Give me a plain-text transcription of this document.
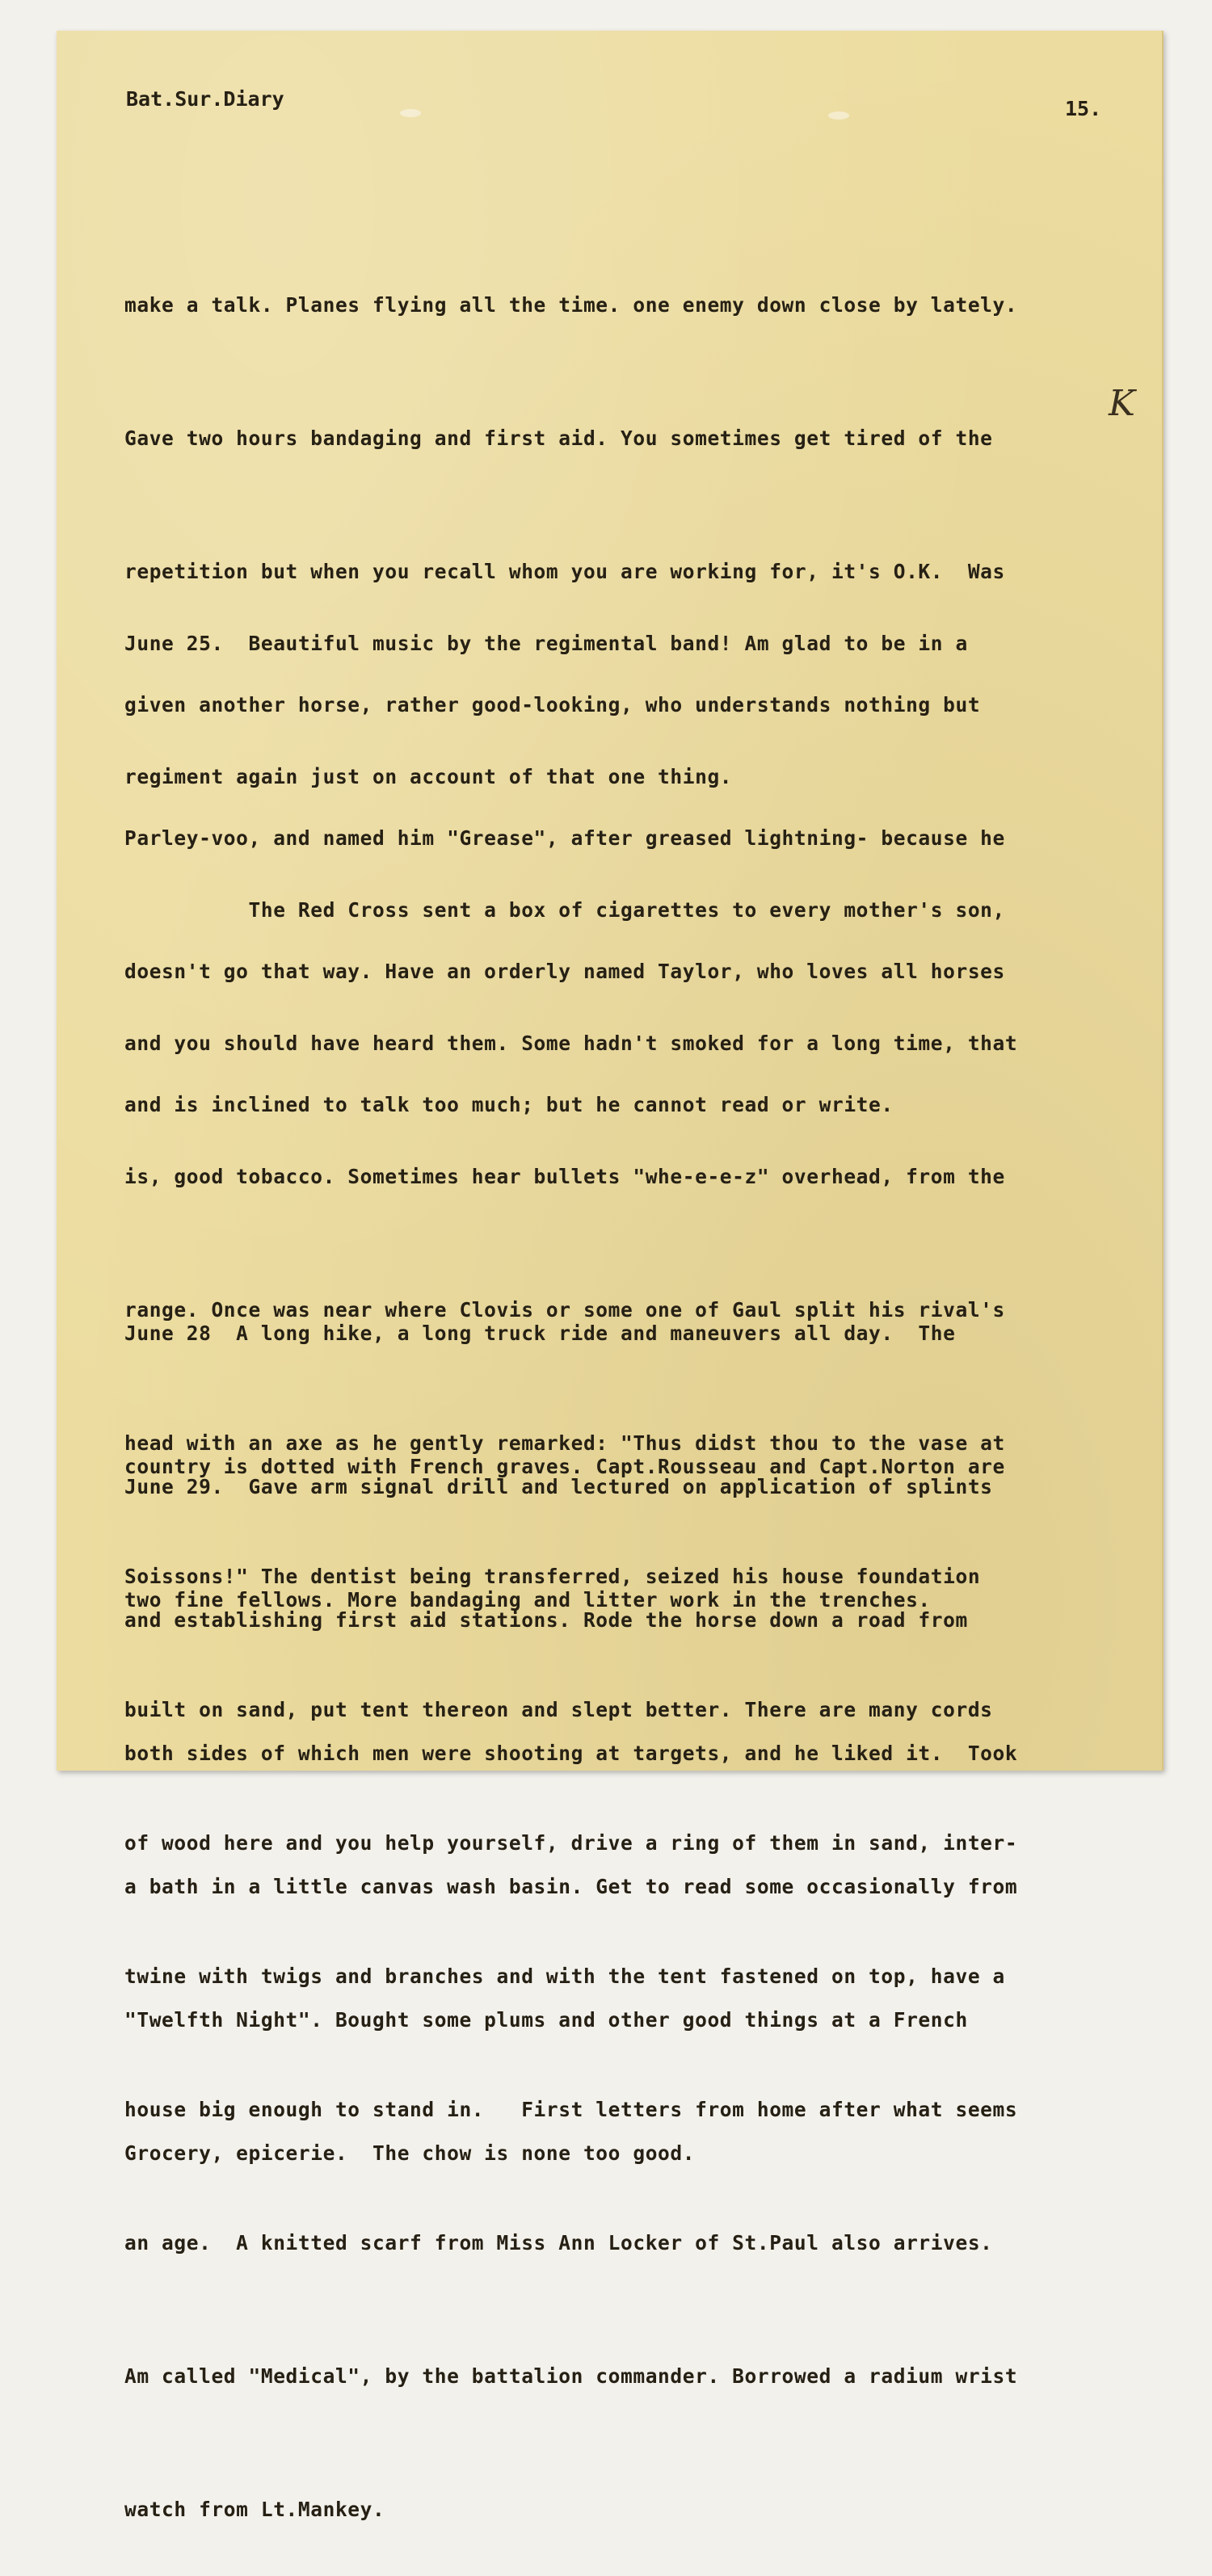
Bat.Sur.Diary	15.
K

make a talk. Planes flying all the time. one enemy down close by lately.

Gave two hours bandaging and first aid. You sometimes get tired of the

repetition but when you recall whom you are working for, it's O.K.  Was

given another horse, rather good-looking, who understands nothing but

Parley-voo, and named him "Grease", after greased lightning- because he

doesn't go that way. Have an orderly named Taylor, who loves all horses

and is inclined to talk too much; but he cannot read or write.

June 25.  Beautiful music by the regimental band! Am glad to be in a

regiment again just on account of that one thing.

The Red Cross sent a box of cigarettes to every mother's son,

and you should have heard them. Some hadn't smoked for a long time, that

is, good tobacco. Sometimes hear bullets "whe-e-e-z" overhead, from the

range. Once was near where Clovis or some one of Gaul split his rival's

head with an axe as he gently remarked: "Thus didst thou to the vase at

Soissons!" The dentist being transferred, seized his house foundation

built on sand, put tent thereon and slept better. There are many cords

of wood here and you help yourself, drive a ring of them in sand, inter-

twine with twigs and branches and with the tent fastened on top, have a

house big enough to stand in.   First letters from home after what seems

an age.  A knitted scarf from Miss Ann Locker of St.Paul also arrives.

Am called "Medical", by the battalion commander. Borrowed a radium wrist

watch from Lt.Mankey.

June 28  A long hike, a long truck ride and maneuvers all day.  The

country is dotted with French graves. Capt.Rousseau and Capt.Norton are

two fine fellows. More bandaging and litter work in the trenches.

June 29.  Gave arm signal drill and lectured on application of splints

and establishing first aid stations. Rode the horse down a road from

both sides of which men were shooting at targets, and he liked it.  Took

a bath in a little canvas wash basin. Get to read some occasionally from

"Twelfth Night". Bought some plums and other good things at a French

Grocery, epicerie.  The chow is none too good.
